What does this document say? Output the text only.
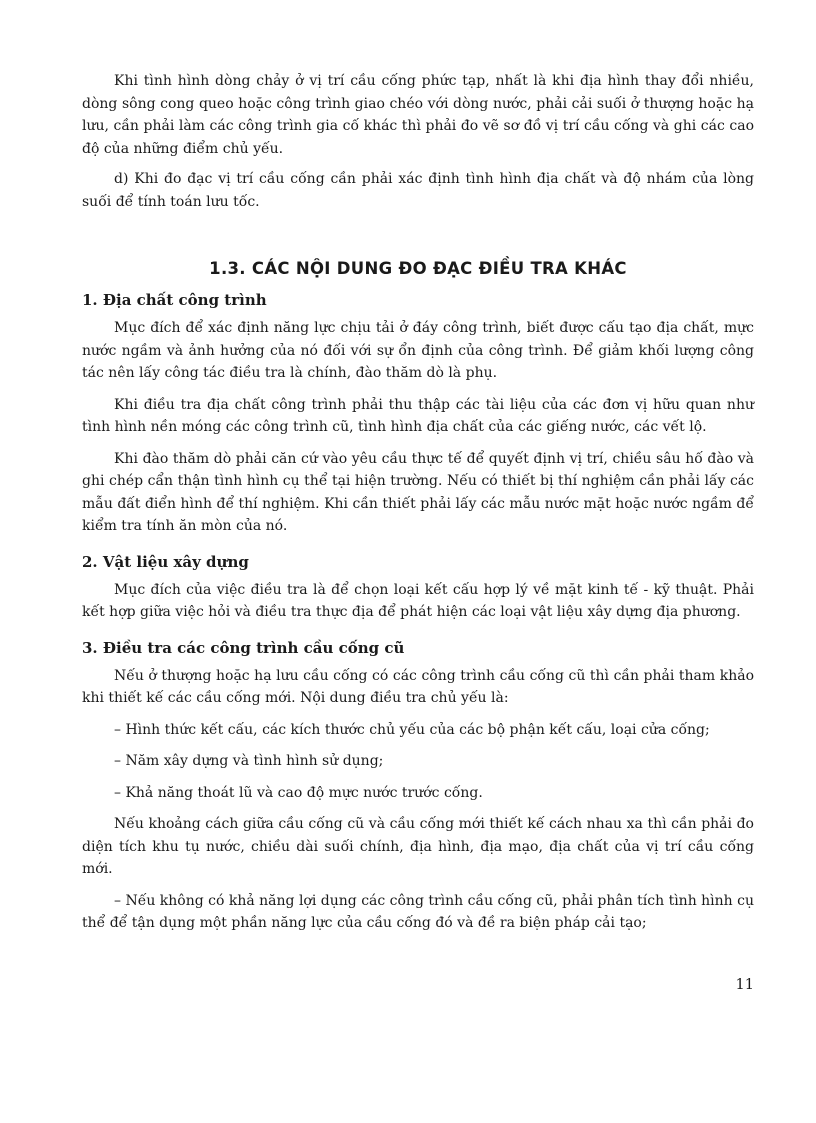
Khi tình hình dòng chảy ở vị trí cầu cống phức tạp, nhất là khi địa hình thay đổi nhiều, dòng sông cong queo hoặc công trình giao chéo với dòng nước, phải cải suối ở thượng hoặc hạ lưu, cần phải làm các công trình gia cố khác thì phải đo vẽ sơ đồ vị trí cầu cống và ghi các cao độ của những điểm chủ yếu.

d) Khi đo đạc vị trí cầu cống cần phải xác định tình hình địa chất và độ nhám của lòng suối để tính toán lưu tốc.

1.3. CÁC NỘI DUNG ĐO ĐẠC ĐIỀU TRA KHÁC
1. Địa chất công trình

Mục đích để xác định năng lực chịu tải ở đáy công trình, biết được cấu tạo địa chất, mực nước ngầm và ảnh hưởng của nó đối với sự ổn định của công trình. Để giảm khối lượng công tác nên lấy công tác điều tra là chính, đào thăm dò là phụ.

Khi điều tra địa chất công trình phải thu thập các tài liệu của các đơn vị hữu quan như tình hình nền móng các công trình cũ, tình hình địa chất của các giếng nước, các vết lộ.

Khi đào thăm dò phải căn cứ vào yêu cầu thực tế để quyết định vị trí, chiều sâu hố đào và ghi chép cẩn thận tình hình cụ thể tại hiện trường. Nếu có thiết bị thí nghiệm cần phải lấy các mẫu đất điển hình để thí nghiệm. Khi cần thiết phải lấy các mẫu nước mặt hoặc nước ngầm để kiểm tra tính ăn mòn của nó.

2. Vật liệu xây dựng

Mục đích của việc điều tra là để chọn loại kết cấu hợp lý về mặt kinh tế - kỹ thuật. Phải kết hợp giữa việc hỏi và điều tra thực địa để phát hiện các loại vật liệu xây dựng địa phương.

3. Điều tra các công trình cầu cống cũ

Nếu ở thượng hoặc hạ lưu cầu cống có các công trình cầu cống cũ thì cần phải tham khảo khi thiết kế các cầu cống mới. Nội dung điều tra chủ yếu là:

– Hình thức kết cấu, các kích thước chủ yếu của các bộ phận kết cấu, loại cửa cống;

– Năm xây dựng và tình hình sử dụng;

– Khả năng thoát lũ và cao độ mực nước trước cống.

Nếu khoảng cách giữa cầu cống cũ và cầu cống mới thiết kế cách nhau xa thì cần phải đo diện tích khu tụ nước, chiều dài suối chính, địa hình, địa mạo, địa chất của vị trí cầu cống mới.

– Nếu không có khả năng lợi dụng các công trình cầu cống cũ, phải phân tích tình hình cụ thể để tận dụng một phần năng lực của cầu cống đó và đề ra biện pháp cải tạo;

11
